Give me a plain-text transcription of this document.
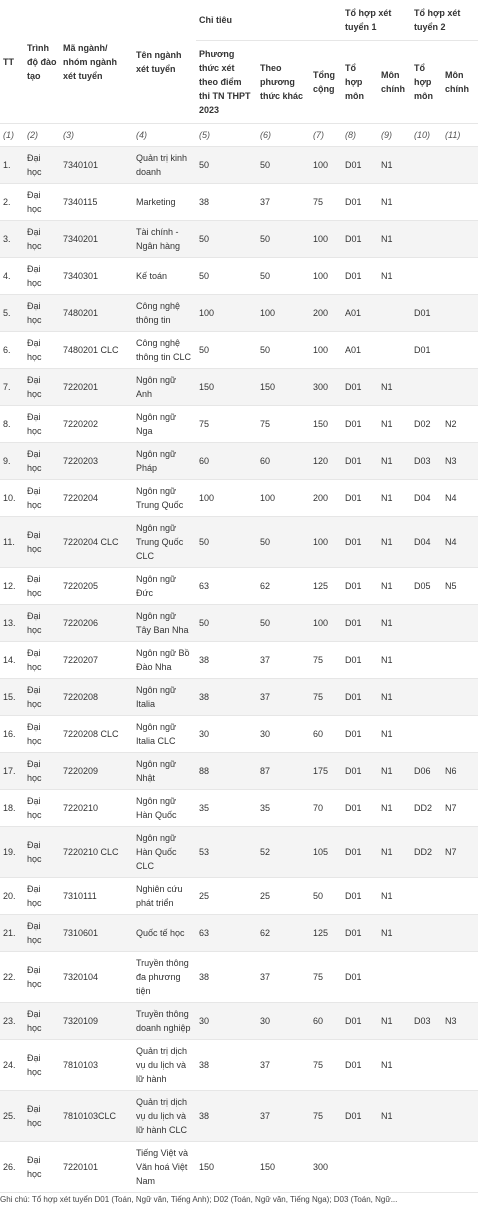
TT	Trình độ đào tạo	Mã ngành/ nhóm ngành xét tuyển	Tên ngành xét tuyển	Chỉ tiêu			Tổ hợp xét tuyển 1		Tổ hợp xét tuyển 2	
				Phương thức xét theo điểm thi TN THPT 2023	Theo phương thức khác	Tổng cộng	Tổ hợp môn	Môn chính	Tổ hợp môn	Môn chính
(1)	(2)	(3)	(4)	(5)	(6)	(7)	(8)	(9)	(10)	(11)
1.	Đại học	7340101	Quản trị kinh doanh	50	50	100	D01	N1		
2.	Đại học	7340115	Marketing	38	37	75	D01	N1		
3.	Đại học	7340201	Tài chính - Ngân hàng	50	50	100	D01	N1		
4.	Đại học	7340301	Kế toán	50	50	100	D01	N1		
5.	Đại học	7480201	Công nghệ thông tin	100	100	200	A01		D01	
6.	Đại học	7480201 CLC	Công nghệ thông tin CLC	50	50	100	A01		D01	
7.	Đại học	7220201	Ngôn ngữ Anh	150	150	300	D01	N1		
8.	Đại học	7220202	Ngôn ngữ Nga	75	75	150	D01	N1	D02	N2
9.	Đại học	7220203	Ngôn ngữ Pháp	60	60	120	D01	N1	D03	N3
10.	Đại học	7220204	Ngôn ngữ Trung Quốc	100	100	200	D01	N1	D04	N4
11.	Đại học	7220204 CLC	Ngôn ngữ Trung Quốc CLC	50	50	100	D01	N1	D04	N4
12.	Đại học	7220205	Ngôn ngữ Đức	63	62	125	D01	N1	D05	N5
13.	Đại học	7220206	Ngôn ngữ Tây Ban Nha	50	50	100	D01	N1		
14.	Đại học	7220207	Ngôn ngữ Bồ Đào Nha	38	37	75	D01	N1		
15.	Đại học	7220208	Ngôn ngữ Italia	38	37	75	D01	N1		
16.	Đại học	7220208 CLC	Ngôn ngữ Italia CLC	30	30	60	D01	N1		
17.	Đại học	7220209	Ngôn ngữ Nhật	88	87	175	D01	N1	D06	N6
18.	Đại học	7220210	Ngôn ngữ Hàn Quốc	35	35	70	D01	N1	DD2	N7
19.	Đại học	7220210 CLC	Ngôn ngữ Hàn Quốc CLC	53	52	105	D01	N1	DD2	N7
20.	Đại học	7310111	Nghiên cứu phát triển	25	25	50	D01	N1		
21.	Đại học	7310601	Quốc tế học	63	62	125	D01	N1		
22.	Đại học	7320104	Truyền thông đa phương tiện	38	37	75	D01			
23.	Đại học	7320109	Truyền thông doanh nghiệp	30	30	60	D01	N1	D03	N3
24.	Đại học	7810103	Quản trị dịch vụ du lịch và lữ hành	38	37	75	D01	N1		
25.	Đại học	7810103CLC	Quản trị dịch vụ du lịch và lữ hành CLC	38	37	75	D01	N1		
26.	Đại học	7220101	Tiếng Việt và Văn hoá Việt Nam	150	150	300				
Ghi chú: Tổ hợp xét tuyển D01 (Toán, Ngữ văn, Tiếng Anh); D02 (Toán, Ngữ văn, Tiếng Nga); D03 (Toán, Ngữ...
